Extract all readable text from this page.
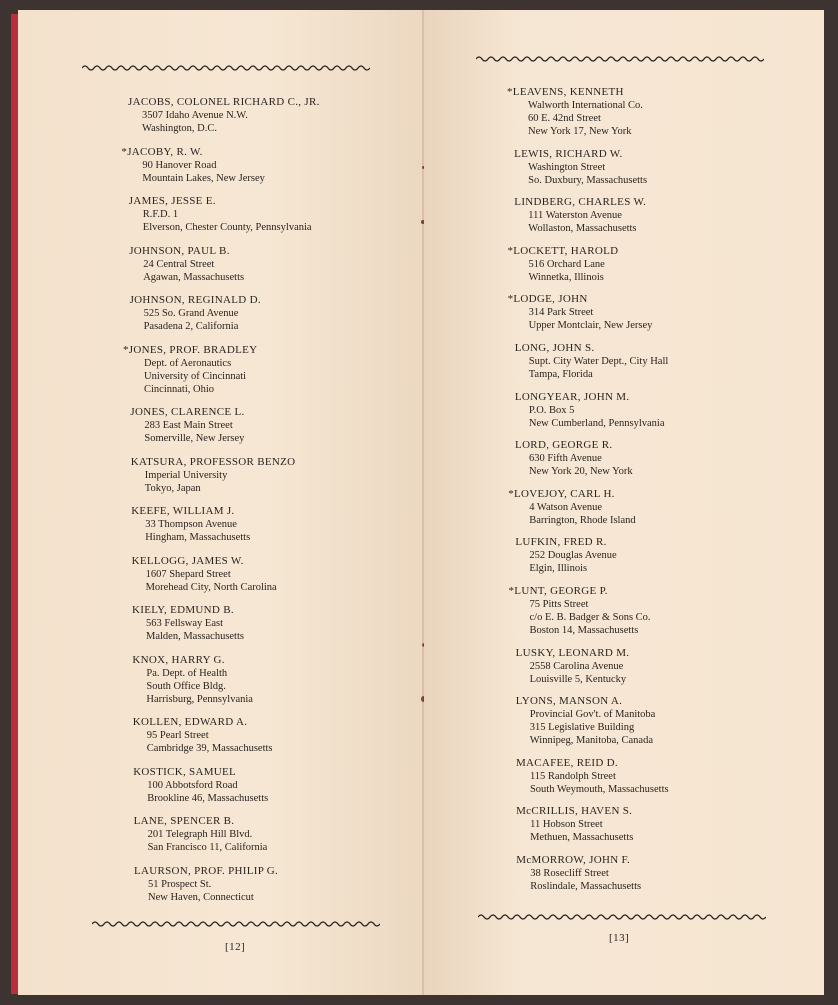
JACOBS, COLONEL RICHARD C., JR.
3507 Idaho Avenue N.W.
Washington, D.C.
*JACOBY, R. W.
90 Hanover Road
Mountain Lakes, New Jersey
JAMES, JESSE E.
R.F.D. 1
Elverson, Chester County, Pennsylvania
JOHNSON, PAUL B.
24 Central Street
Agawan, Massachusetts
JOHNSON, REGINALD D.
525 So. Grand Avenue
Pasadena 2, California
*JONES, PROF. BRADLEY
Dept. of Aeronautics
University of Cincinnati
Cincinnati, Ohio
JONES, CLARENCE L.
283 East Main Street
Somerville, New Jersey
KATSURA, PROFESSOR BENZO
Imperial University
Tokyo, Japan
KEEFE, WILLIAM J.
33 Thompson Avenue
Hingham, Massachusetts
KELLOGG, JAMES W.
1607 Shepard Street
Morehead City, North Carolina
KIELY, EDMUND B.
563 Fellsway East
Malden, Massachusetts
KNOX, HARRY G.
Pa. Dept. of Health
South Office Bldg.
Harrisburg, Pennsylvania
KOLLEN, EDWARD A.
95 Pearl Street
Cambridge 39, Massachusetts
KOSTICK, SAMUEL
100 Abbotsford Road
Brookline 46, Massachusetts
LANE, SPENCER B.
201 Telegraph Hill Blvd.
San Francisco 11, California
LAURSON, PROF. PHILIP G.
51 Prospect St.
New Haven, Connecticut
[12]
*LEAVENS, KENNETH
Walworth International Co.
60 E. 42nd Street
New York 17, New York
LEWIS, RICHARD W.
Washington Street
So. Duxbury, Massachusetts
LINDBERG, CHARLES W.
111 Waterston Avenue
Wollaston, Massachusetts
*LOCKETT, HAROLD
516 Orchard Lane
Winnetka, Illinois
*LODGE, JOHN
314 Park Street
Upper Montclair, New Jersey
LONG, JOHN S.
Supt. City Water Dept., City Hall
Tampa, Florida
LONGYEAR, JOHN M.
P.O. Box 5
New Cumberland, Pennsylvania
LORD, GEORGE R.
630 Fifth Avenue
New York 20, New York
*LOVEJOY, CARL H.
4 Watson Avenue
Barrington, Rhode Island
LUFKIN, FRED R.
252 Douglas Avenue
Elgin, Illinois
*LUNT, GEORGE P.
75 Pitts Street
c/o E. B. Badger & Sons Co.
Boston 14, Massachusetts
LUSKY, LEONARD M.
2558 Carolina Avenue
Louisville 5, Kentucky
LYONS, MANSON A.
Provincial Gov't. of Manitoba
315 Legislative Building
Winnipeg, Manitoba, Canada
MACAFEE, REID D.
115 Randolph Street
South Weymouth, Massachusetts
McCRILLIS, HAVEN S.
11 Hobson Street
Methuen, Massachusetts
McMORROW, JOHN F.
38 Rosecliff Street
Roslindale, Massachusetts
[13]
